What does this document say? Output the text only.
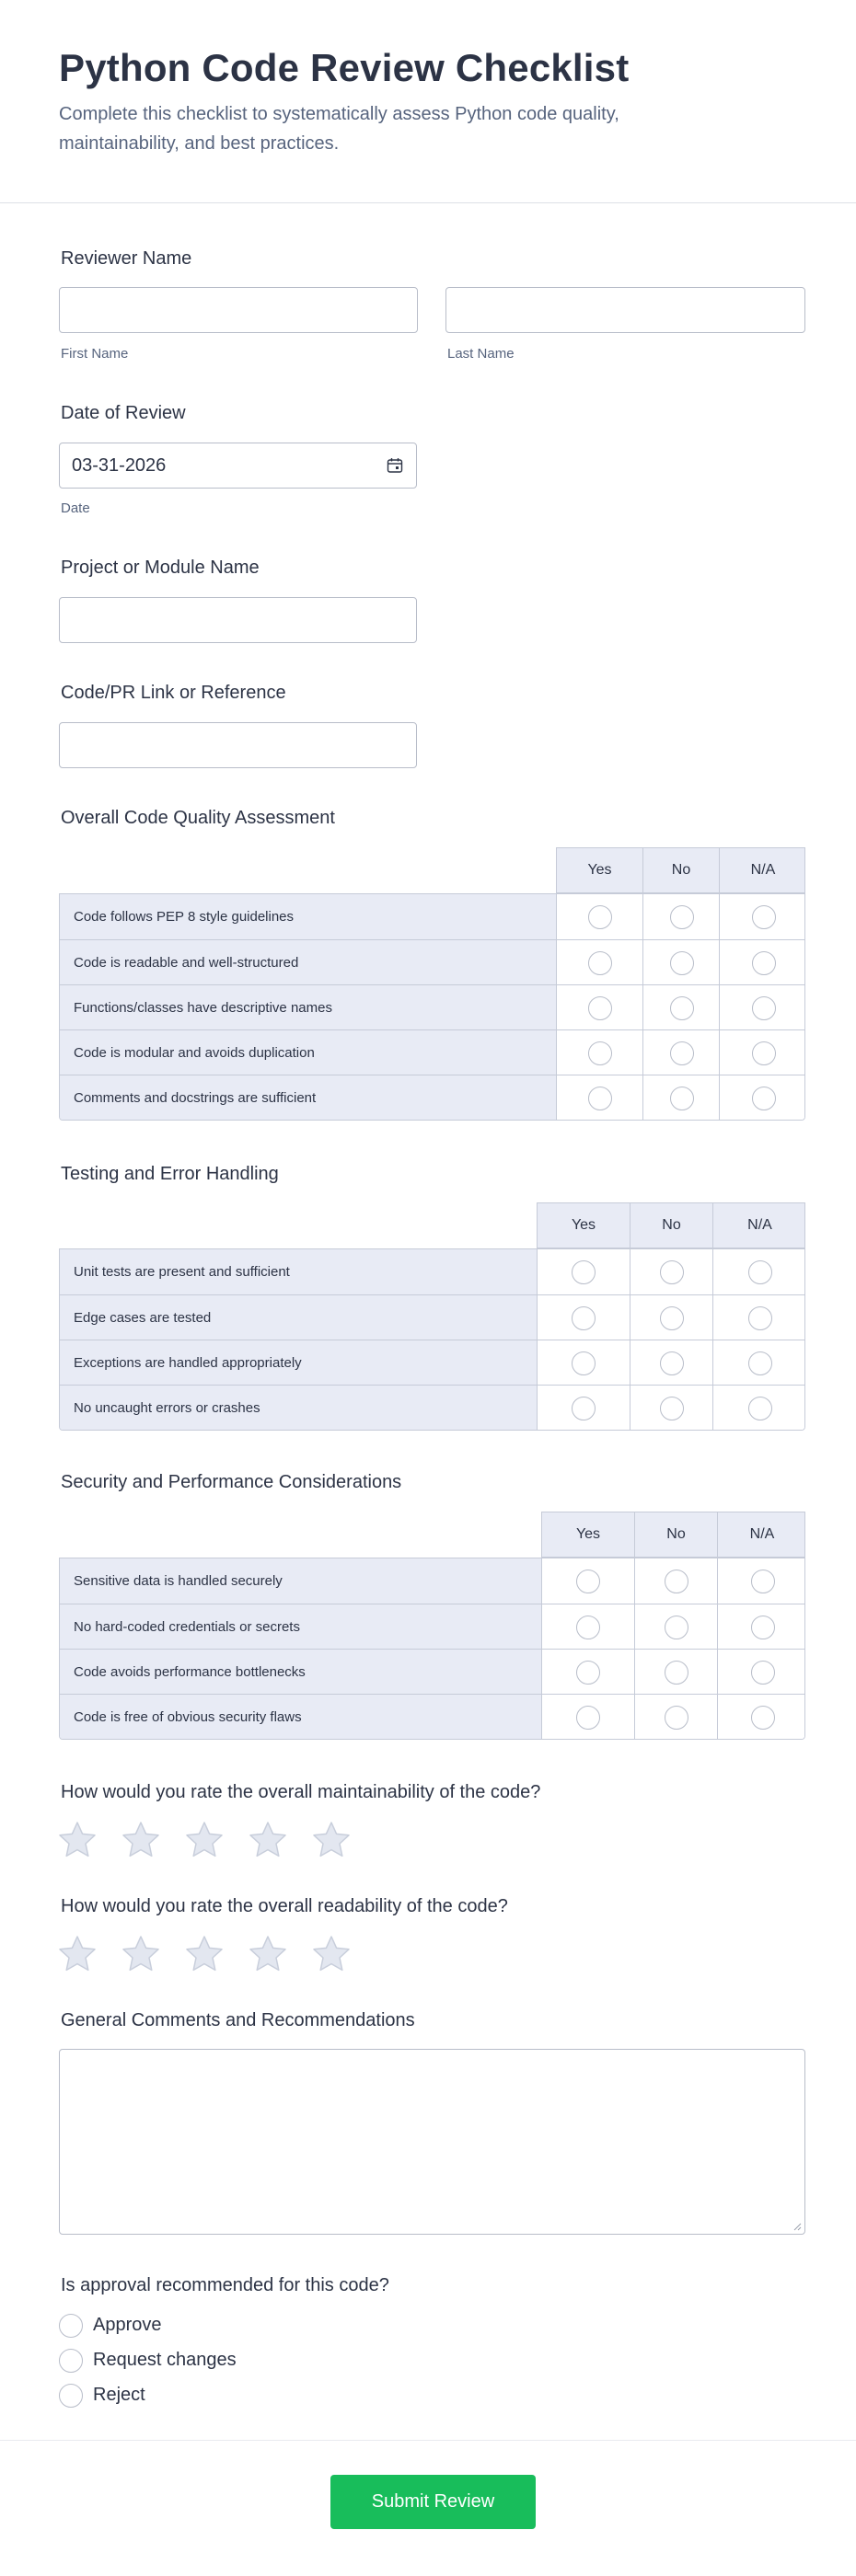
Python Code Review Checklist

Complete this checklist to systematically assess Python code quality, maintainability, and best practices.

Reviewer Name
First Name	Last Name
Date of Review
03-31-2026
Date
Project or Module Name
Code/PR Link or Reference
Overall Code Quality Assessment
Yes	No	N/A
Code follows PEP 8 style guidelines
Code is readable and well-structured
Functions/classes have descriptive names
Code is modular and avoids duplication
Comments and docstrings are sufficient
Testing and Error Handling
Yes	No	N/A
Unit tests are present and sufficient
Edge cases are tested
Exceptions are handled appropriately
No uncaught errors or crashes
Security and Performance Considerations
Yes	No	N/A
Sensitive data is handled securely
No hard-coded credentials or secrets
Code avoids performance bottlenecks
Code is free of obvious security flaws
How would you rate the overall maintainability of the code?
How would you rate the overall readability of the code?
General Comments and Recommendations
Is approval recommended for this code?
Approve
Request changes
Reject
Submit Review
